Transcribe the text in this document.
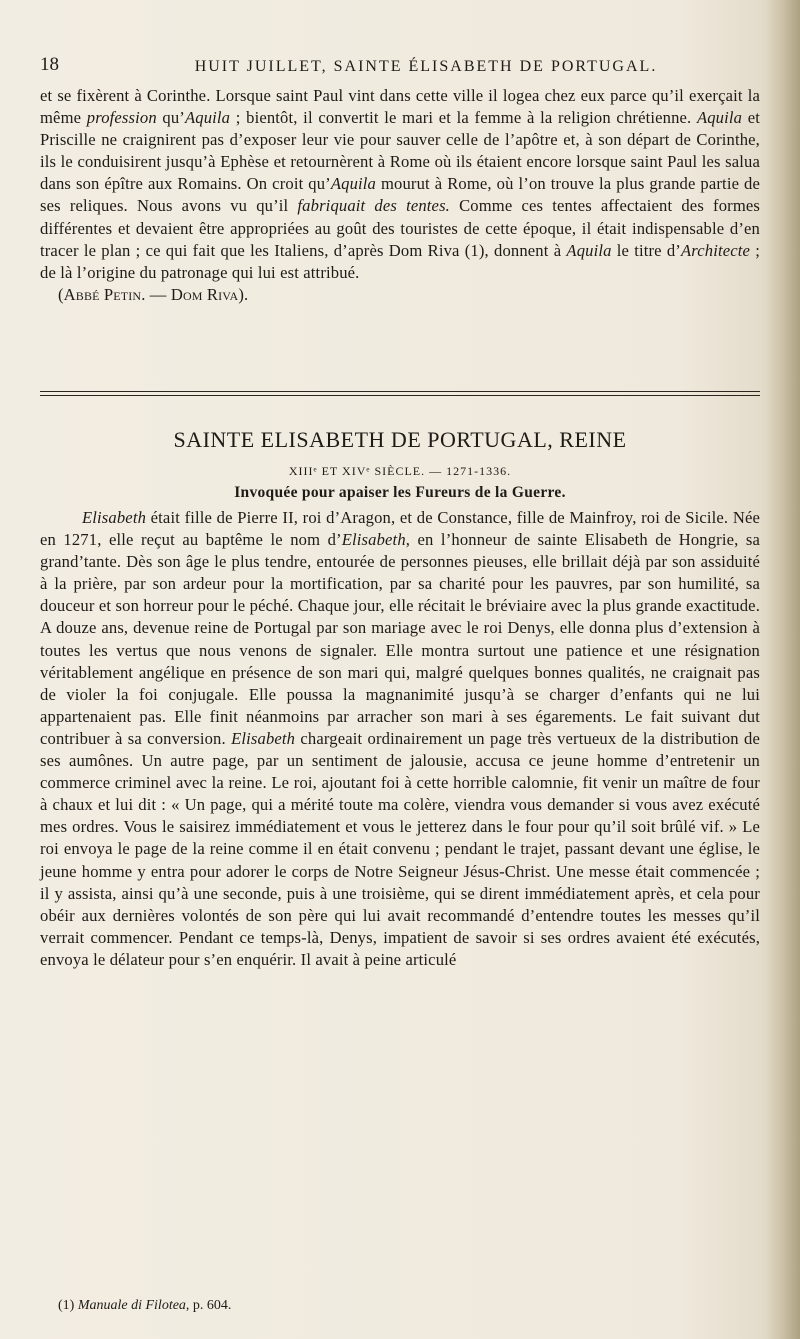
18	HUIT JUILLET, SAINTE ÉLISABETH DE PORTUGAL.

et se fixèrent à Corinthe. Lorsque saint Paul vint dans cette ville il logea chez eux parce qu’il exerçait la même profession qu’Aquila ; bientôt, il convertit le mari et la femme à la religion chrétienne. Aquila et Priscille ne craignirent pas d’exposer leur vie pour sauver celle de l’apôtre et, à son départ de Corinthe, ils le conduisirent jusqu’à Ephèse et retournèrent à Rome où ils étaient encore lorsque saint Paul les salua dans son épître aux Romains. On croit qu’Aquila mourut à Rome, où l’on trouve la plus grande partie de ses reliques. Nous avons vu qu’il fabriquait des tentes. Comme ces tentes affectaient des formes différentes et devaient être appropriées au goût des touristes de cette époque, il était indispensable d’en tracer le plan ; ce qui fait que les Italiens, d’après Dom Riva (1), donnent à Aquila le titre d’Architecte ; de là l’origine du patronage qui lui est attribué.
(Abbé Petin. — Dom Riva).

SAINTE ELISABETH DE PORTUGAL, REINE
XIIIᵉ ET XIVᵉ SIÈCLE. — 1271-1336.
Invoquée pour apaiser les Fureurs de la Guerre.

Elisabeth était fille de Pierre II, roi d’Aragon, et de Constance, fille de Mainfroy, roi de Sicile. Née en 1271, elle reçut au baptême le nom d’Elisabeth, en l’honneur de sainte Elisabeth de Hongrie, sa grand’tante. Dès son âge le plus tendre, entourée de personnes pieuses, elle brillait déjà par son assiduité à la prière, par son ardeur pour la mortification, par sa charité pour les pauvres, par son humilité, sa douceur et son horreur pour le péché. Chaque jour, elle récitait le bréviaire avec la plus grande exactitude. A douze ans, devenue reine de Portugal par son mariage avec le roi Denys, elle donna plus d’extension à toutes les vertus que nous venons de signaler. Elle montra surtout une patience et une résignation véritablement angélique en présence de son mari qui, malgré quelques bonnes qualités, ne craignait pas de violer la foi conjugale. Elle poussa la magnanimité jusqu’à se charger d’enfants qui ne lui appartenaient pas. Elle finit néanmoins par arracher son mari à ses égarements. Le fait suivant dut contribuer à sa conversion. Elisabeth chargeait ordinairement un page très vertueux de la distribution de ses aumônes. Un autre page, par un sentiment de jalousie, accusa ce jeune homme d’entretenir un commerce criminel avec la reine. Le roi, ajoutant foi à cette horrible calomnie, fit venir un maître de four à chaux et lui dit : « Un page, qui a mérité toute ma colère, viendra vous demander si vous avez exécuté mes ordres. Vous le saisirez immédiatement et vous le jetterez dans le four pour qu’il soit brûlé vif. » Le roi envoya le page de la reine comme il en était convenu ; pendant le trajet, passant devant une église, le jeune homme y entra pour adorer le corps de Notre Seigneur Jésus-Christ. Une messe était commencée ; il y assista, ainsi qu’à une seconde, puis à une troisième, qui se dirent immédiatement après, et cela pour obéir aux dernières volontés de son père qui lui avait recommandé d’entendre toutes les messes qu’il verrait commencer. Pendant ce temps-là, Denys, impatient de savoir si ses ordres avaient été exécutés, envoya le délateur pour s’en enquérir. Il avait à peine articulé

(1) Manuale di Filotea, p. 604.
